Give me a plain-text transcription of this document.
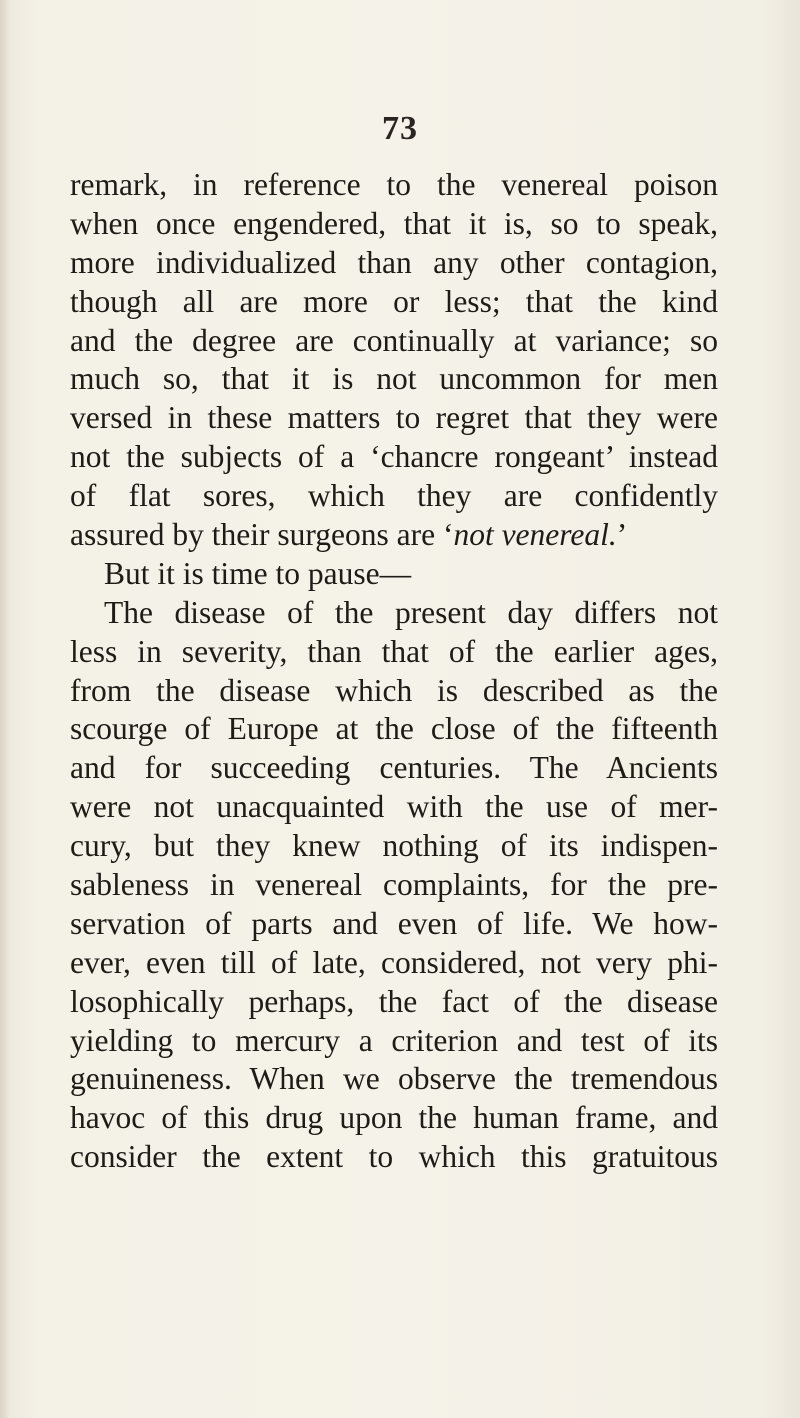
73
remark, in reference to the venereal poison
when once engendered, that it is, so to speak,
more individualized than any other contagion,
though all are more or less; that the kind
and the degree are continually at variance; so
much so, that it is not uncommon for men
versed in these matters to regret that they were
not the subjects of a ‘chancre rongeant’ instead
of flat sores, which they are confidently
assured by their surgeons are ‘not venereal.’
But it is time to pause—
The disease of the present day differs not
less in severity, than that of the earlier ages,
from the disease which is described as the
scourge of Europe at the close of the fifteenth
and for succeeding centuries. The Ancients
were not unacquainted with the use of mer-
cury, but they knew nothing of its indispen-
sableness in venereal complaints, for the pre-
servation of parts and even of life. We how-
ever, even till of late, considered, not very phi-
losophically perhaps, the fact of the disease
yielding to mercury a criterion and test of its
genuineness. When we observe the tremendous
havoc of this drug upon the human frame, and
consider the extent to which this gratuitous
